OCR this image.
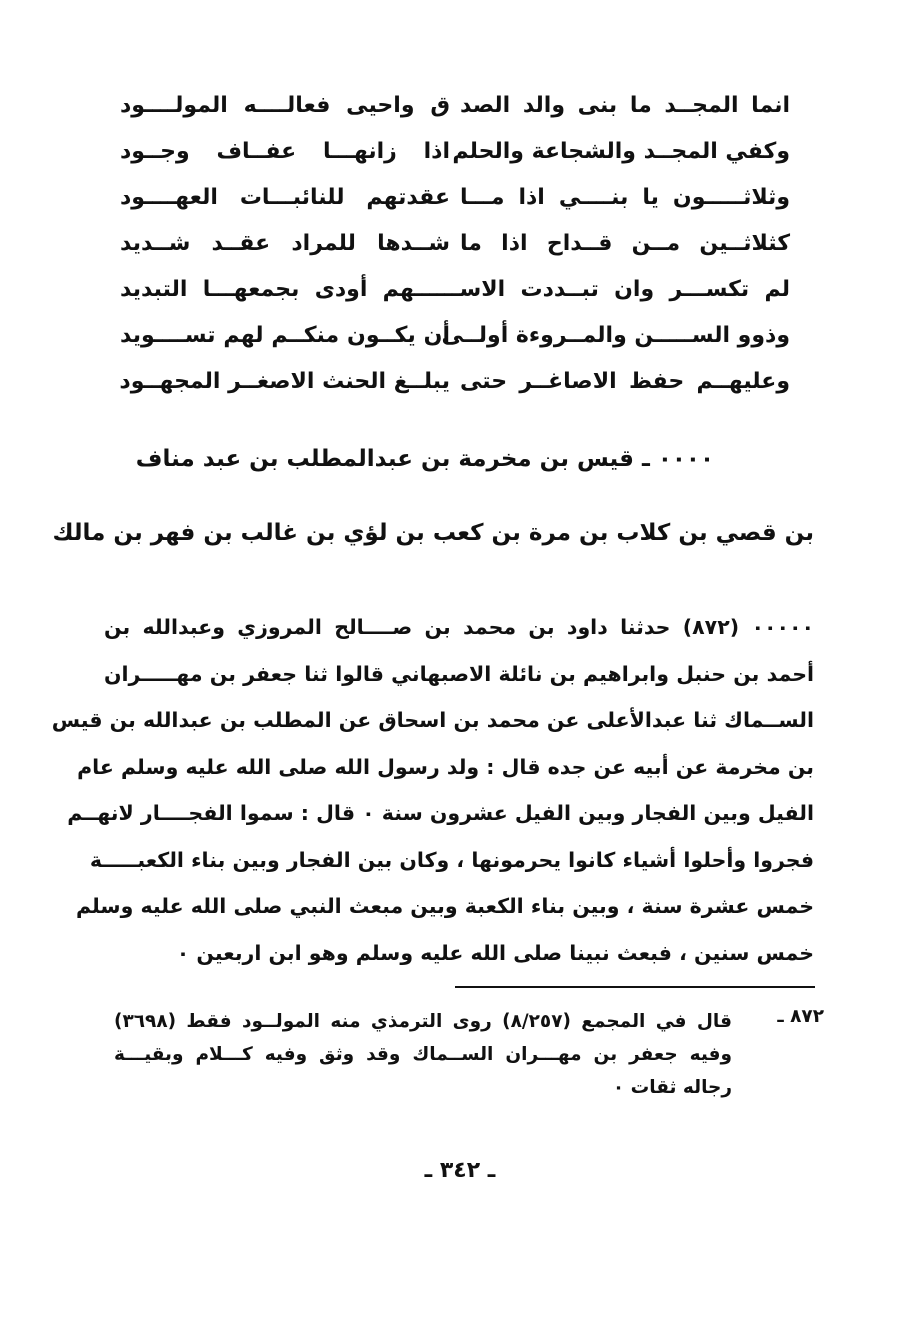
انما المجــد ما بنى والد الصد
ق واحيى فعالــــه المولــــود
وكفي المجــد والشجاعة والحلم
اذا زانهـــا عفــاف وجــود
وثلاثـــــون يا بنــــي اذا مـــا
عقدتهم للنائبـــات العهــــود
كثلاثــين مــن قــداح اذا ما
شــدها للمراد عقــد شــديد
لم تكســـر وان تبــددت الاســــــهم أودى بجمعهـــا التبديد
وذوو الســـــن والمــروءة أولــى
أن يكــون منكــم لهم تســــويد
وعليهــم حفظ الاصاغــر حتى
يبلــغ الحنث الاصغــر المجهــود
٠٠٠٠ ـ قيس بن مخرمة بن عبدالمطلب بن عبد مناف
بن قصي بن كلاب بن مرة بن كعب بن لؤي بن غالب بن فهر بن مالك
٠٠٠٠٠ (٨٧٢) حدثنا داود بن محمد بن صــــالح المروزي وعبدالله بن
أحمد بن حنبل وابراهيم بن نائلة الاصبهاني قالوا ثنا جعفر بن مهـــــران
الســماك ثنا عبدالأعلى عن محمد بن اسحاق عن المطلب بن عبدالله بن قيس
بن مخرمة عن أبيه عن جده قال : ولد رسول الله صلى الله عليه وسلم عام
الفيل وبين الفجار وبين الفيل عشرون سنة ٠ قال : سموا الفجــــار لانهــم
فجروا وأحلوا أشياء كانوا يحرمونها ، وكان بين الفجار وبين بناء الكعبـــــة
خمس عشرة سنة ، وبين بناء الكعبة وبين مبعث النبي صلى الله عليه وسلم
خمس سنين ، فبعث نبينا صلى الله عليه وسلم وهو ابن اربعين ٠
٨٧٢ ـ
قال في المجمع (٨/٢٥٧) روى الترمذي منه المولــود فقط (٣٦٩٨)
وفيه جعفر بن مهـــران الســماك وقد وثق وفيه كـــلام وبقيـــة
رجاله ثقات ٠
ـ ٣٤٢ ـ
